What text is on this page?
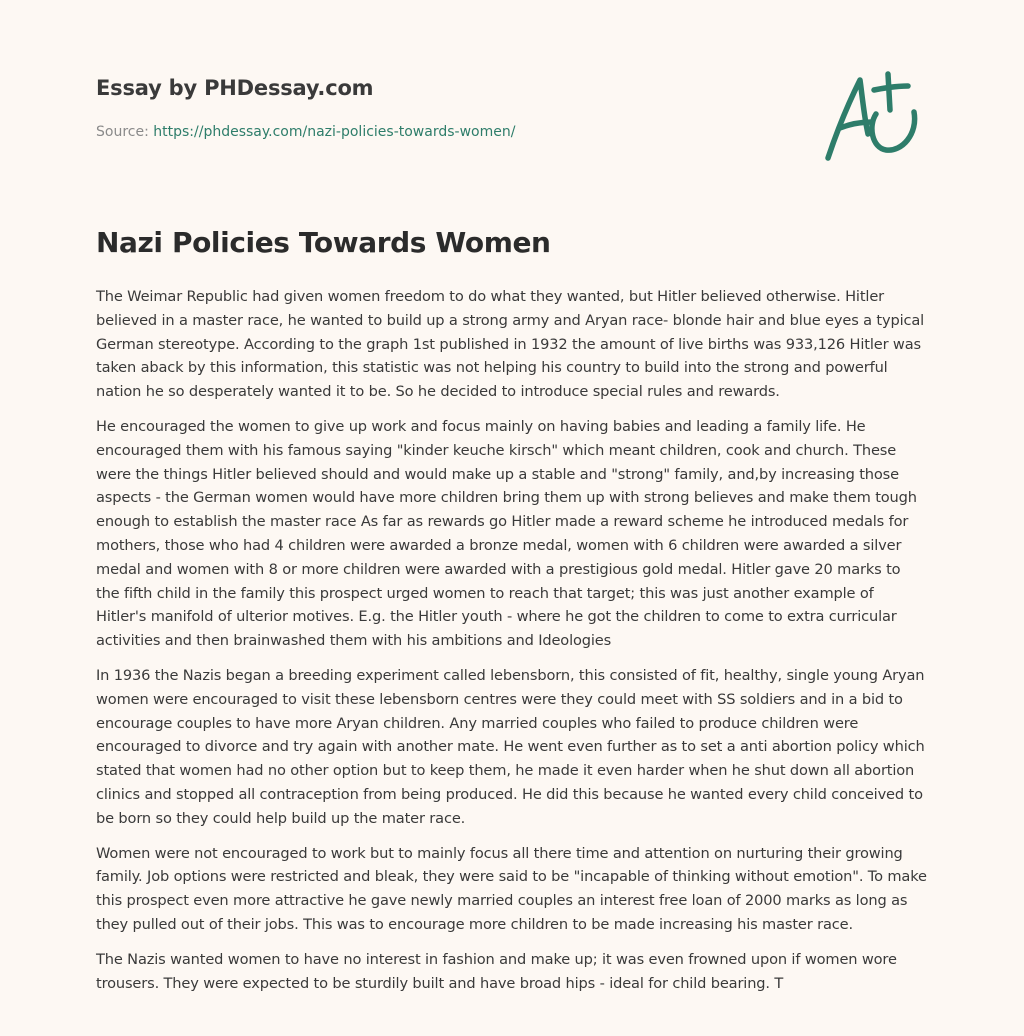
Essay by PHDessay.com
Source: https://phdessay.com/nazi-policies-towards-women/
Nazi Policies Towards Women

The Weimar Republic had given women freedom to do what they wanted, but Hitler believed otherwise. Hitler believed in a master race, he wanted to build up a strong army and Aryan race- blonde hair and blue eyes a typical German stereotype. According to the graph 1st published in 1932 the amount of live births was 933,126 Hitler was taken aback by this information, this statistic was not helping his country to build into the strong and powerful nation he so desperately wanted it to be. So he decided to introduce special rules and rewards.

He encouraged the women to give up work and focus mainly on having babies and leading a family life. He encouraged them with his famous saying "kinder keuche kirsch" which meant children, cook and church. These were the things Hitler believed should and would make up a stable and "strong" family, and,by increasing those aspects - the German women would have more children bring them up with strong believes and make them tough enough to establish the master race As far as rewards go Hitler made a reward scheme he introduced medals for mothers, those who had 4 children were awarded a bronze medal, women with 6 children were awarded a silver medal and women with 8 or more children were awarded with a prestigious gold medal. Hitler gave 20 marks to the fifth child in the family this prospect urged women to reach that target; this was just another example of Hitler's manifold of ulterior motives. E.g. the Hitler youth - where he got the children to come to extra curricular activities and then brainwashed them with his ambitions and Ideologies

In 1936 the Nazis began a breeding experiment called lebensborn, this consisted of fit, healthy, single young Aryan women were encouraged to visit these lebensborn centres were they could meet with SS soldiers and in a bid to encourage couples to have more Aryan children. Any married couples who failed to produce children were encouraged to divorce and try again with another mate. He went even further as to set a anti abortion policy which stated that women had no other option but to keep them, he made it even harder when he shut down all abortion clinics and stopped all contraception from being produced. He did this because he wanted every child conceived to be born so they could help build up the mater race.

Women were not encouraged to work but to mainly focus all there time and attention on nurturing their growing family. Job options were restricted and bleak, they were said to be "incapable of thinking without emotion". To make this prospect even more attractive he gave newly married couples an interest free loan of 2000 marks as long as they pulled out of their jobs. This was to encourage more children to be made increasing his master race.

The Nazis wanted women to have no interest in fashion and make up; it was even frowned upon if women wore trousers. They were expected to be sturdily built and have broad hips - ideal for child bearing. T
